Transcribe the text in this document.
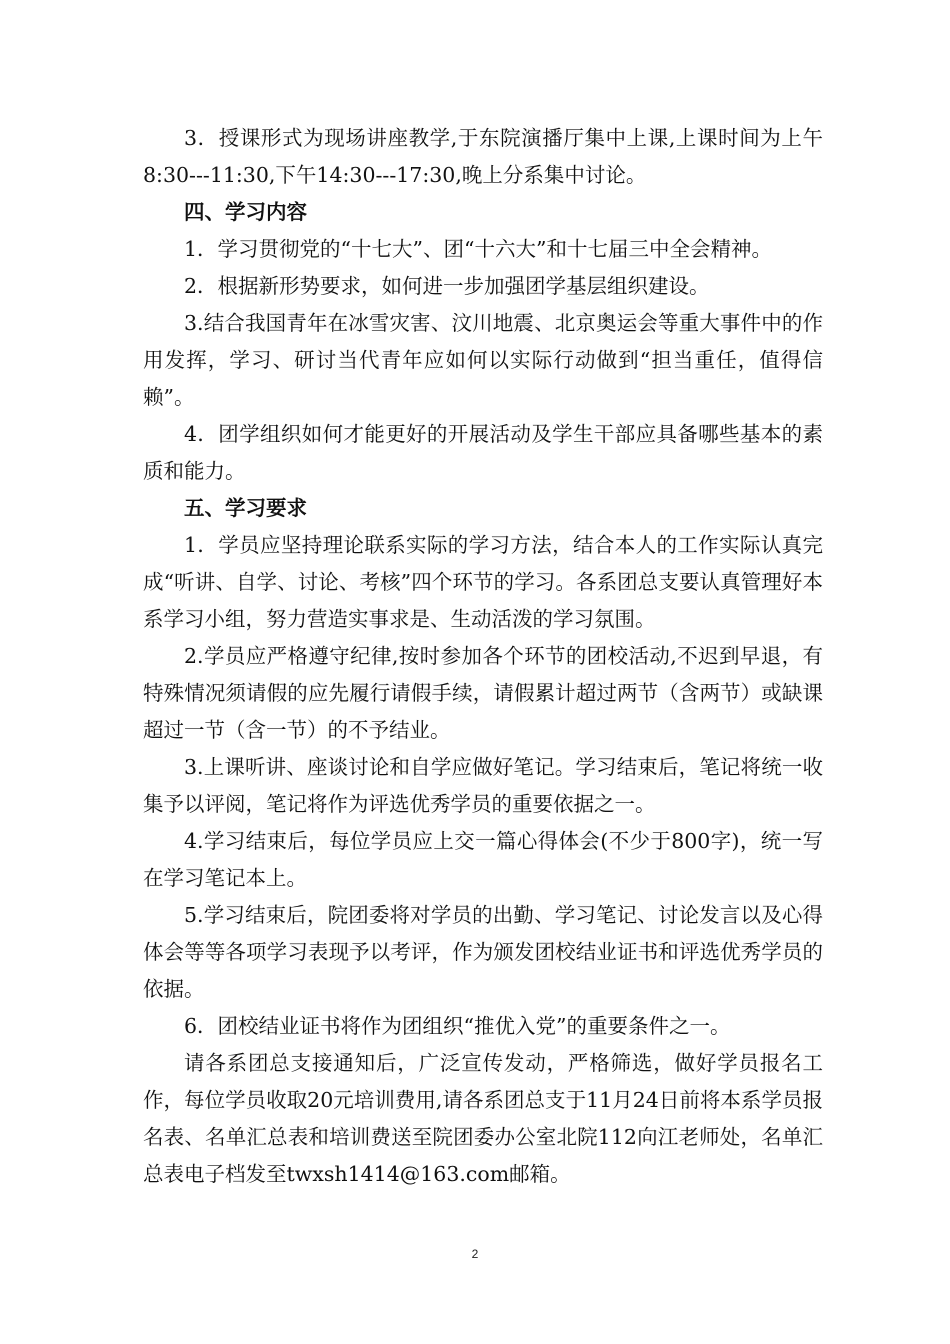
3．授课形式为现场讲座教学,于东院演播厅集中上课,上课时间为上午8:30---11:30,下午14:30---17:30,晚上分系集中讨论。

四、学习内容

1．学习贯彻党的“十七大”、团“十六大”和十七届三中全会精神。

2．根据新形势要求，如何进一步加强团学基层组织建设。

3.结合我国青年在冰雪灾害、汶川地震、北京奥运会等重大事件中的作用发挥，学习、研讨当代青年应如何以实际行动做到“担当重任，值得信赖”。

4．团学组织如何才能更好的开展活动及学生干部应具备哪些基本的素质和能力。

五、学习要求

1．学员应坚持理论联系实际的学习方法，结合本人的工作实际认真完成“听讲、自学、讨论、考核”四个环节的学习。各系团总支要认真管理好本系学习小组，努力营造实事求是、生动活泼的学习氛围。

2.学员应严格遵守纪律,按时参加各个环节的团校活动,不迟到早退，有特殊情况须请假的应先履行请假手续，请假累计超过两节（含两节）或缺课超过一节（含一节）的不予结业。

3.上课听讲、座谈讨论和自学应做好笔记。学习结束后，笔记将统一收集予以评阅，笔记将作为评选优秀学员的重要依据之一。

4.学习结束后，每位学员应上交一篇心得体会(不少于800字)，统一写在学习笔记本上。

5.学习结束后，院团委将对学员的出勤、学习笔记、讨论发言以及心得体会等等各项学习表现予以考评，作为颁发团校结业证书和评选优秀学员的依据。

6．团校结业证书将作为团组织“推优入党”的重要条件之一。

请各系团总支接通知后，广泛宣传发动，严格筛选，做好学员报名工作，每位学员收取20元培训费用,请各系团总支于11月24日前将本系学员报名表、名单汇总表和培训费送至院团委办公室北院112向江老师处，名单汇总表电子档发至twxsh1414@163.com邮箱。

2
